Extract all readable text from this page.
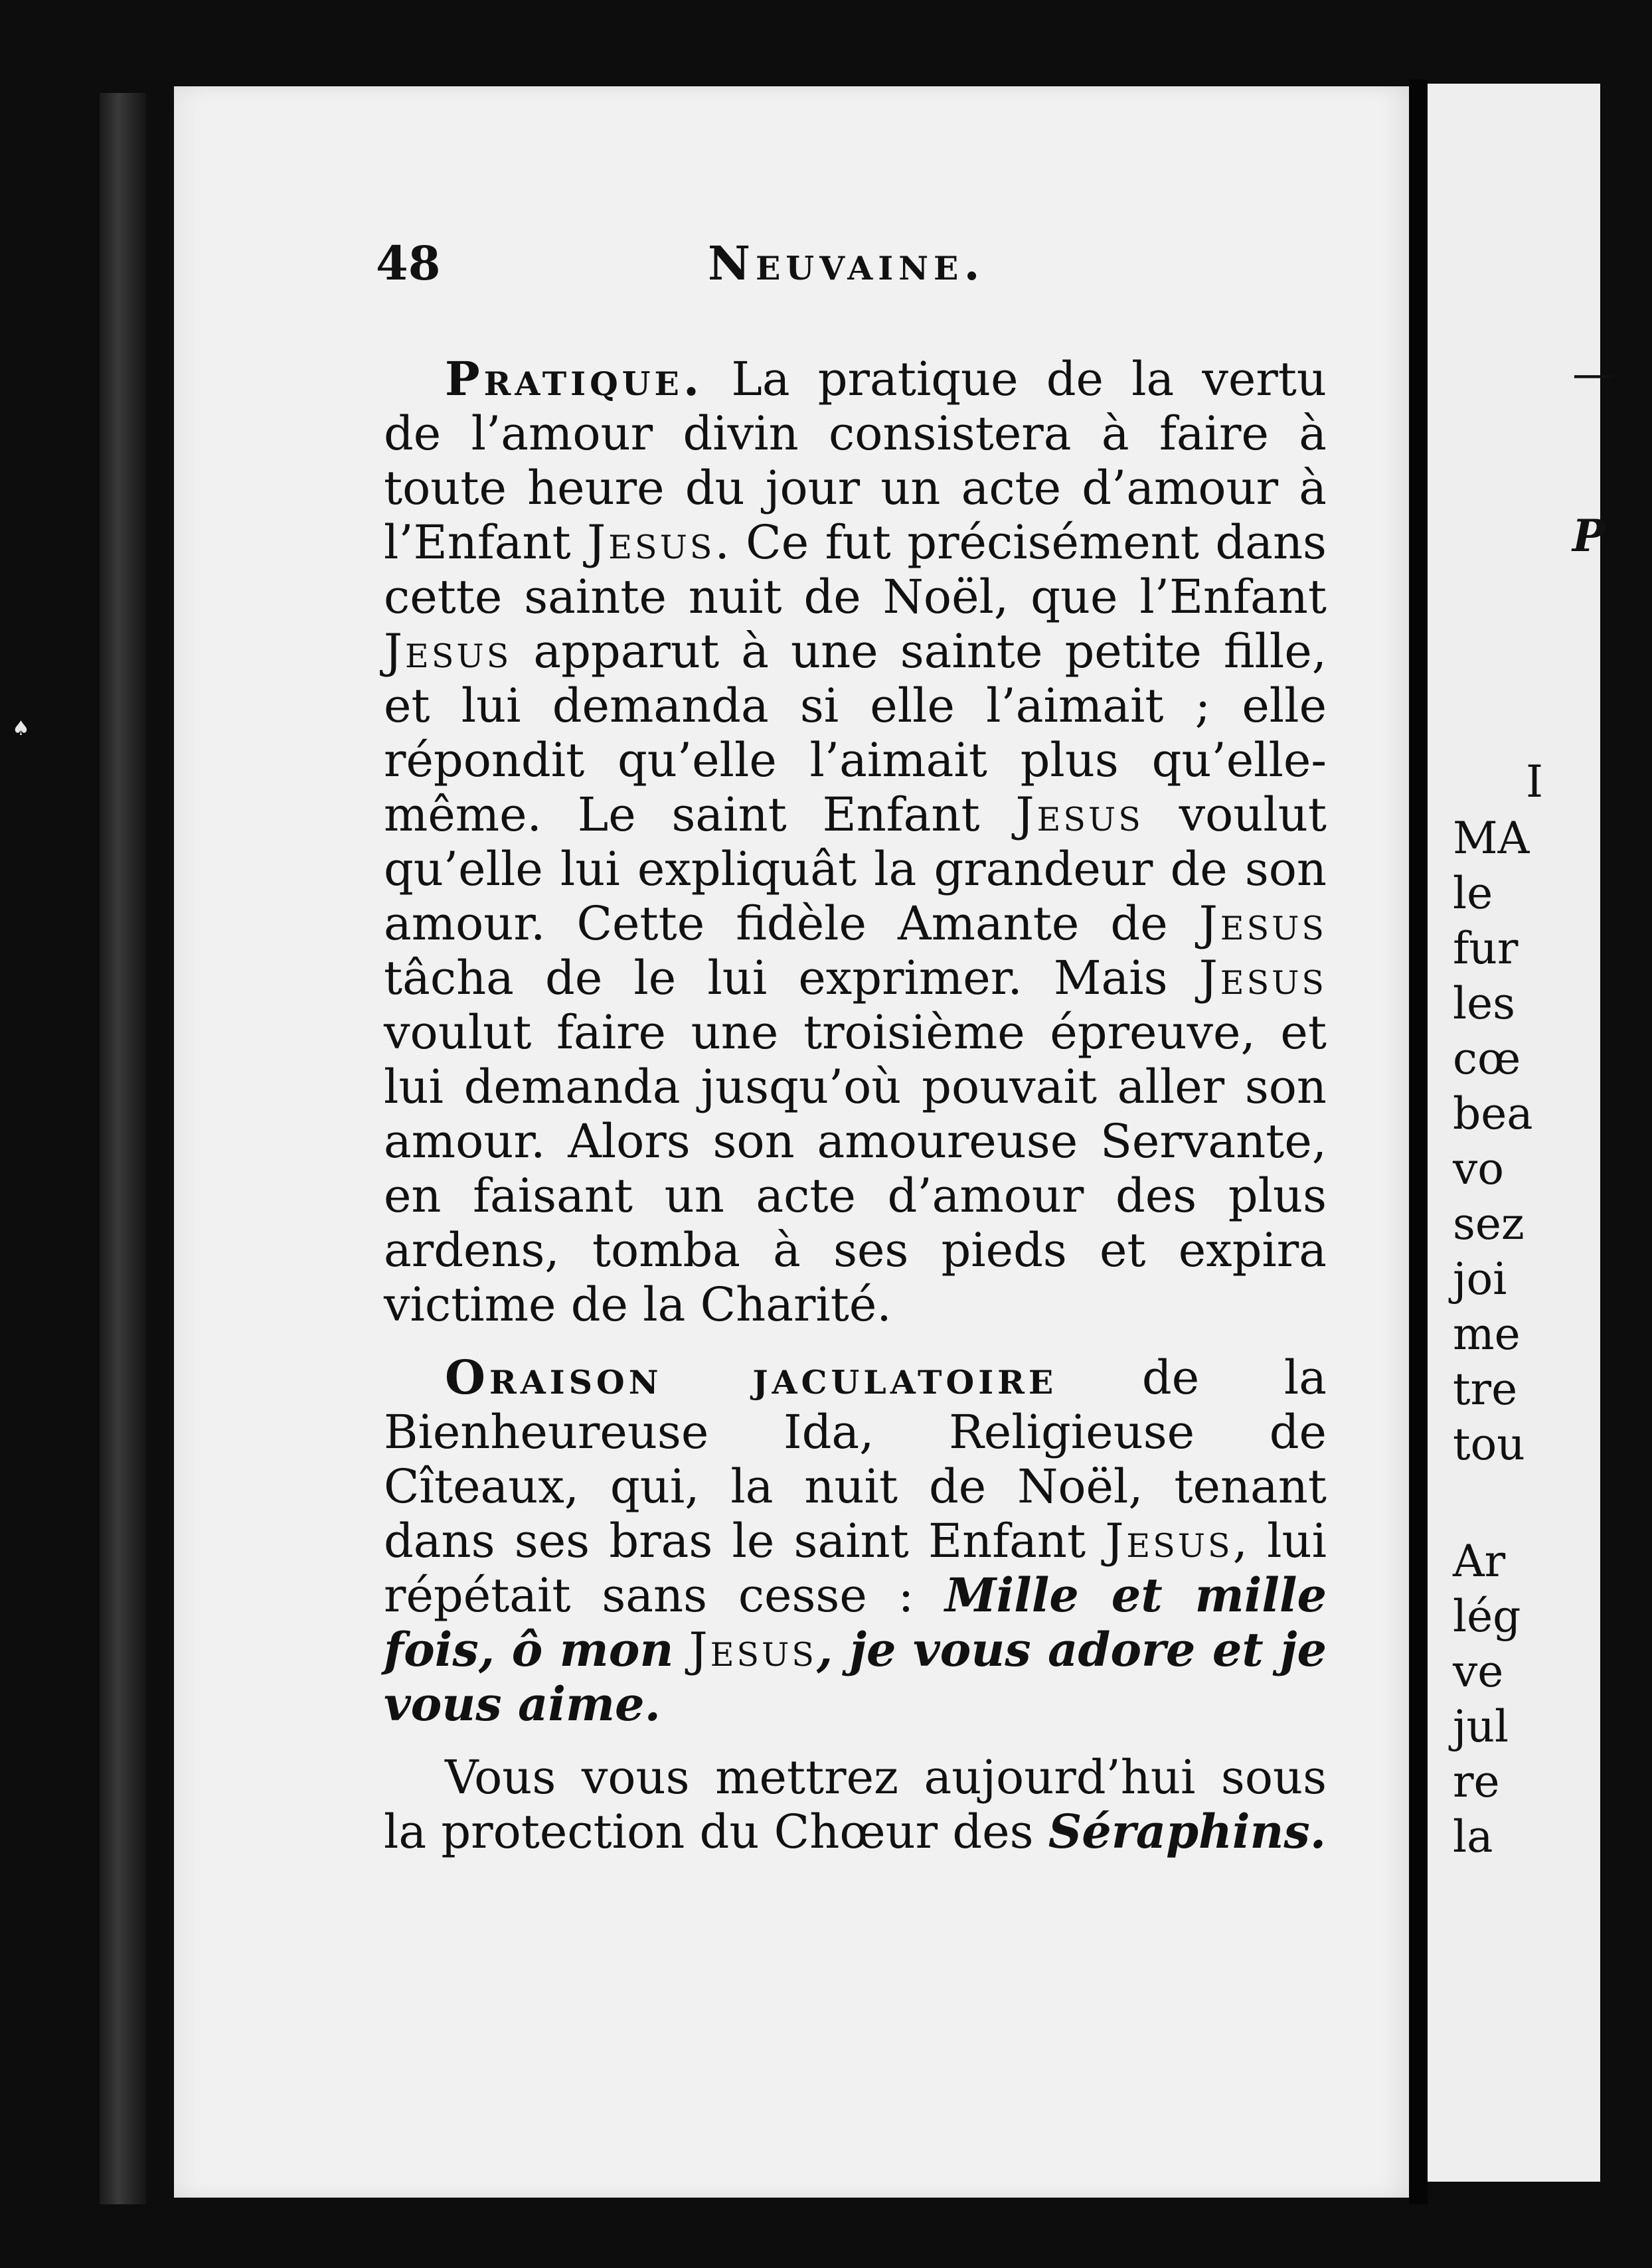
♠
—
P
I
MA
le
fur
les
cœ
bea
vo
sez
joi
me
tre
tou
Ar
lég
ve
jul
re
la
48	Neuvaine.

Pratique. La pratique de la vertu de l’amour divin consistera à faire à toute heure du jour un acte d’amour à l’Enfant Jesus. Ce fut précisément dans cette sainte nuit de Noël, que l’Enfant Jesus apparut à une sainte petite fille, et lui demanda si elle l’aimait ; elle répondit qu’elle l’aimait plus qu’elle-même. Le saint Enfant Jesus voulut qu’elle lui expliquât la grandeur de son amour. Cette fidèle Amante de Jesus tâcha de le lui exprimer. Mais Jesus voulut faire une troisième épreuve, et lui demanda jusqu’où pouvait aller son amour. Alors son amoureuse Servante, en faisant un acte d’amour des plus ardens, tomba à ses pieds et expira victime de la Charité.

Oraison jaculatoire de la Bienheureuse Ida, Religieuse de Cîteaux, qui, la nuit de Noël, tenant dans ses bras le saint Enfant Jesus, lui répétait sans cesse : Mille et mille fois, ô mon Jesus, je vous adore et je vous aime.

Vous vous mettrez aujourd’hui sous la protection du Chœur des Séraphins.
